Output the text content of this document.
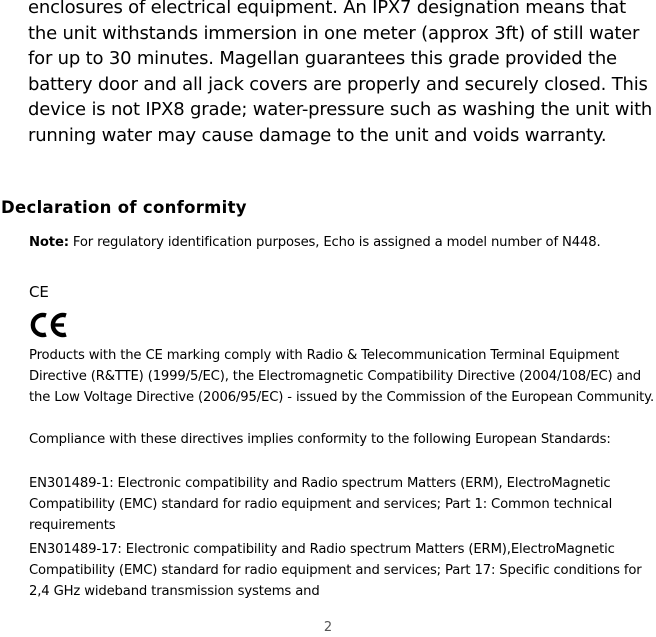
enclosures of electrical equipment. An IPX7 designation means that the unit withstands immersion in one meter (approx 3ft) of still water for up to 30 minutes. Magellan guarantees this grade provided the battery door and all jack covers are properly and securely closed. This device is not IPX8 grade; water-pressure such as washing the unit with running water may cause damage to the unit and voids warranty.

Declaration of conformity

Note: For regulatory identification purposes, Echo is assigned a model number of N448.

CE

Products with the CE marking comply with Radio & Telecommunication Terminal Equipment Directive (R&TTE) (1999/5/EC), the Electromagnetic Compatibility Directive (2004/108/EC) and the Low Voltage Directive (2006/95/EC) - issued by the Commission of the European Community.

Compliance with these directives implies conformity to the following European Standards:

EN301489-1: Electronic compatibility and Radio spectrum Matters (ERM), ElectroMagnetic Compatibility (EMC) standard for radio equipment and services; Part 1: Common technical requirements

EN301489-17: Electronic compatibility and Radio spectrum Matters (ERM),ElectroMagnetic Compatibility (EMC) standard for radio equipment and services; Part 17: Specific conditions for 2,4 GHz wideband transmission systems and

2
